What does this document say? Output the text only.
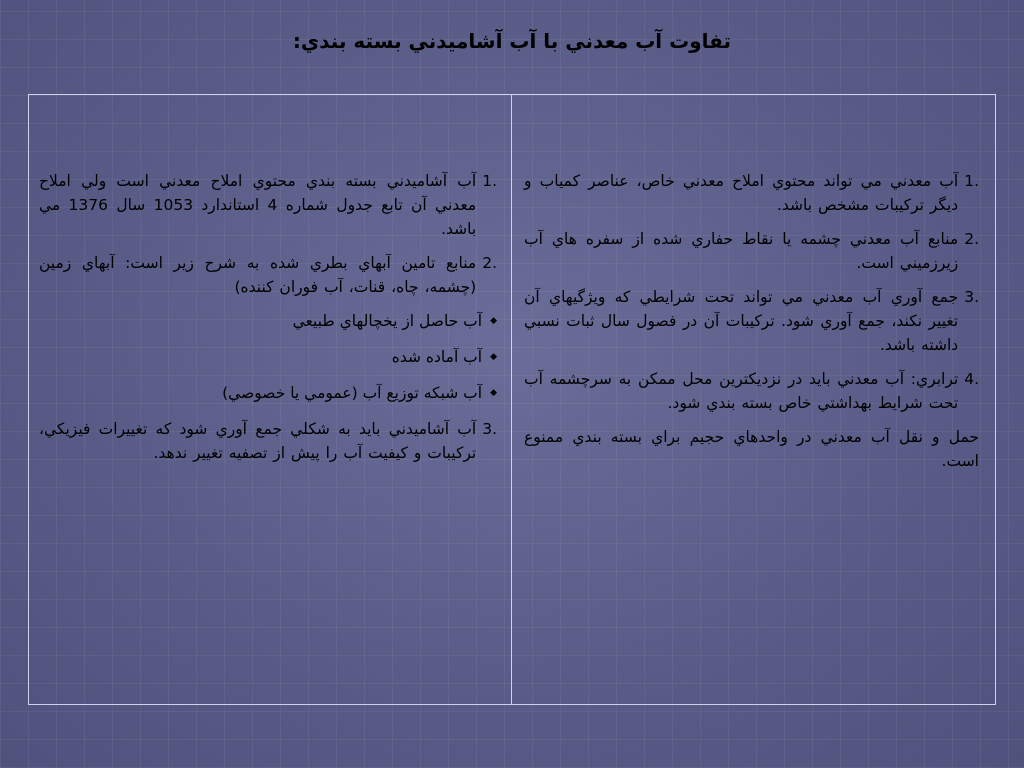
تفاوت آب معدني با آب آشاميدني بسته بندي:
1.
آب معدني مي تواند محتوي املاح معدني خاص، عناصر كمياب و ديگر تركيبات مشخص باشد.
2.
منابع آب معدني چشمه يا نقاط حفاري شده از سفره هاي آب زيرزميني است.
3.
جمع آوري آب معدني مي تواند تحت شرايطي كه ويژگيهاي آن تغيير نكند، جمع آوري شود. تركيبات آن در فصول سال ثبات نسبي داشته باشد.
4.
ترابري: آب معدني بايد در نزديكترين محل ممكن به سرچشمه آب تحت شرايط بهداشتي خاص بسته بندي شود.
حمل و نقل آب معدني در واحدهاي حجيم براي بسته بندي ممنوع است.
1.
آب آشاميدني بسته بندي محتوي املاح معدني است ولي املاح معدني آن تابع جدول شماره 4 استاندارد 1053 سال 1376 مي باشد.
2.
منابع تامين آبهاي بطري شده به شرح زير است: آبهاي زمين (چشمه، چاه، قنات، آب فوران كننده)
◆
آب حاصل از يخچالهاي طبيعي
◆
آب آماده شده
◆
آب شبكه توزيع آب (عمومي يا خصوصي)
3.
آب آشاميدني بايد به شكلي جمع آوري شود كه تغييرات فيزيكي، تركيبات و كيفيت آب را پيش از تصفيه تغيير ندهد.
